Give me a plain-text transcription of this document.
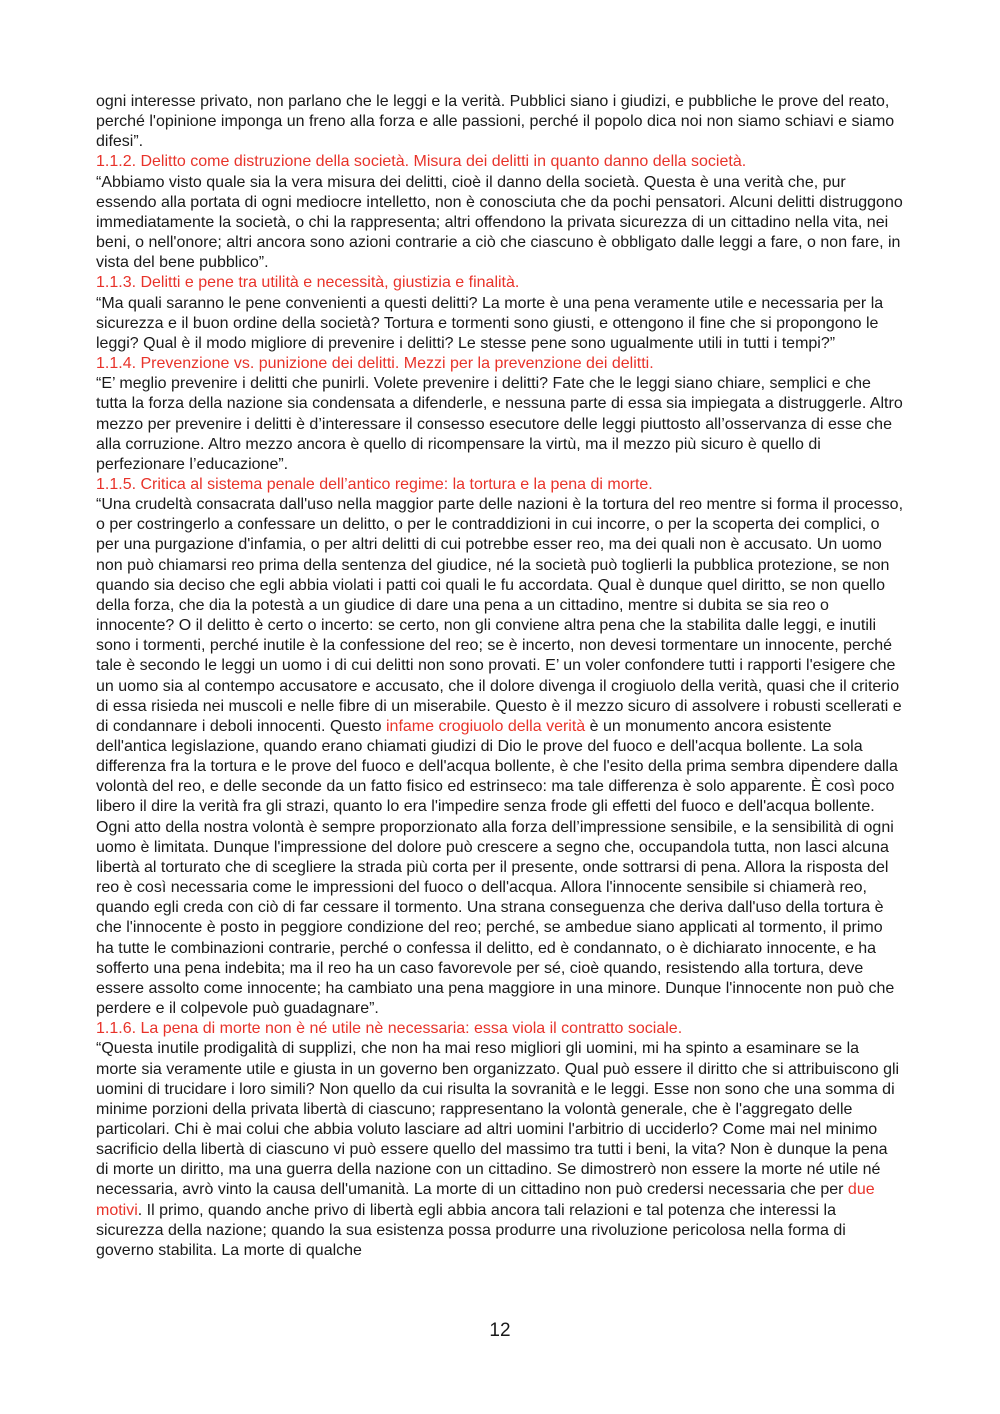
ogni interesse privato, non parlano che le leggi e la verità. Pubblici siano i giudizi, e pubbliche le prove del reato, perché l'opinione imponga un freno alla forza e alle passioni, perché il popolo dica noi non siamo schiavi e siamo difesi”.

1.1.2. Delitto come distruzione della società. Misura dei delitti in quanto danno della società.

“Abbiamo visto quale sia la vera misura dei delitti, cioè il danno della società. Questa è una verità che, pur essendo alla portata di ogni mediocre intelletto, non è conosciuta che da pochi pensatori. Alcuni delitti distruggono immediatamente la società, o chi la rappresenta; altri offendono la privata sicurezza di un cittadino nella vita, nei beni, o nell'onore; altri ancora sono azioni contrarie a ciò che ciascuno è obbligato dalle leggi a fare, o non fare, in vista del bene pubblico”.

1.1.3. Delitti e pene tra utilità e necessità, giustizia e finalità.

“Ma quali saranno le pene convenienti a questi delitti? La morte è una pena veramente utile e necessaria per la sicurezza e il buon ordine della società? Tortura e tormenti sono giusti, e ottengono il fine che si propongono le leggi? Qual è il modo migliore di prevenire i delitti? Le stesse pene sono ugualmente utili in tutti i tempi?”

1.1.4. Prevenzione vs. punizione dei delitti. Mezzi per la prevenzione dei delitti.

“E’ meglio prevenire i delitti che punirli. Volete prevenire i delitti? Fate che le leggi siano chiare, semplici e che tutta la forza della nazione sia condensata a difenderle, e nessuna parte di essa sia impiegata a distruggerle. Altro mezzo per prevenire i delitti è d’interessare il consesso esecutore delle leggi piuttosto all’osservanza di esse che alla corruzione. Altro mezzo ancora è quello di ricompensare la virtù, ma il mezzo più sicuro è quello di perfezionare l’educazione”.

1.1.5. Critica al sistema penale dell’antico regime: la tortura e la pena di morte.

“Una crudeltà consacrata dall'uso nella maggior parte delle nazioni è la tortura del reo mentre si forma il processo, o per costringerlo a confessare un delitto, o per le contraddizioni in cui incorre, o per la scoperta dei complici, o per una purgazione d'infamia, o per altri delitti di cui potrebbe esser reo, ma dei quali non è accusato. Un uomo non può chiamarsi reo prima della sentenza del giudice, né la società può toglierli la pubblica protezione, se non quando sia deciso che egli abbia violati i patti coi quali le fu accordata. Qual è dunque quel diritto, se non quello della forza, che dia la potestà a un giudice di dare una pena a un cittadino, mentre si dubita se sia reo o innocente? O il delitto è certo o incerto: se certo, non gli conviene altra pena che la stabilita dalle leggi, e inutili sono i tormenti, perché inutile è la confessione del reo; se è incerto, non devesi tormentare un innocente, perché tale è secondo le leggi un uomo i di cui delitti non sono provati. E’ un voler confondere tutti i rapporti l'esigere che un uomo sia al contempo accusatore e accusato, che il dolore divenga il crogiuolo della verità, quasi che il criterio di essa risieda nei muscoli e nelle fibre di un miserabile. Questo è il mezzo sicuro di assolvere i robusti scellerati e di condannare i deboli innocenti. Questo infame crogiuolo della verità è un monumento ancora esistente dell'antica legislazione, quando erano chiamati giudizi di Dio le prove del fuoco e dell'acqua bollente. La sola differenza fra la tortura e le prove del fuoco e dell'acqua bollente, è che l'esito della prima sembra dipendere dalla volontà del reo, e delle seconde da un fatto fisico ed estrinseco: ma tale differenza è solo apparente. È così poco libero il dire la verità fra gli strazi, quanto lo era l'impedire senza frode gli effetti del fuoco e dell'acqua bollente. Ogni atto della nostra volontà è sempre proporzionato alla forza dell’impressione sensibile, e la sensibilità di ogni uomo è limitata. Dunque l'impressione del dolore può crescere a segno che, occupandola tutta, non lasci alcuna libertà al torturato che di scegliere la strada più corta per il presente, onde sottrarsi di pena. Allora la risposta del reo è così necessaria come le impressioni del fuoco o dell'acqua. Allora l'innocente sensibile si chiamerà reo, quando egli creda con ciò di far cessare il tormento. Una strana conseguenza che deriva dall'uso della tortura è che l'innocente è posto in peggiore condizione del reo; perché, se ambedue siano applicati al tormento, il primo ha tutte le combinazioni contrarie, perché o confessa il delitto, ed è condannato, o è dichiarato innocente, e ha sofferto una pena indebita; ma il reo ha un caso favorevole per sé, cioè quando, resistendo alla tortura, deve essere assolto come innocente; ha cambiato una pena maggiore in una minore. Dunque l'innocente non può che perdere e il colpevole può guadagnare”.

1.1.6. La pena di morte non è né utile nè necessaria: essa viola il contratto sociale.

“Questa inutile prodigalità di supplizi, che non ha mai reso migliori gli uomini, mi ha spinto a esaminare se la morte sia veramente utile e giusta in un governo ben organizzato. Qual può essere il diritto che si attribuiscono gli uomini di trucidare i loro simili? Non quello da cui risulta la sovranità e le leggi. Esse non sono che una somma di minime porzioni della privata libertà di ciascuno; rappresentano la volontà generale, che è l'aggregato delle particolari. Chi è mai colui che abbia voluto lasciare ad altri uomini l'arbitrio di ucciderlo? Come mai nel minimo sacrificio della libertà di ciascuno vi può essere quello del massimo tra tutti i beni, la vita? Non è dunque la pena di morte un diritto, ma una guerra della nazione con un cittadino. Se dimostrerò non essere la morte né utile né necessaria, avrò vinto la causa dell'umanità. La morte di un cittadino non può credersi necessaria che per due motivi. Il primo, quando anche privo di libertà egli abbia ancora tali relazioni e tal potenza che interessi la sicurezza della nazione; quando la sua esistenza possa produrre una rivoluzione pericolosa nella forma di governo stabilita. La morte di qualche

12
